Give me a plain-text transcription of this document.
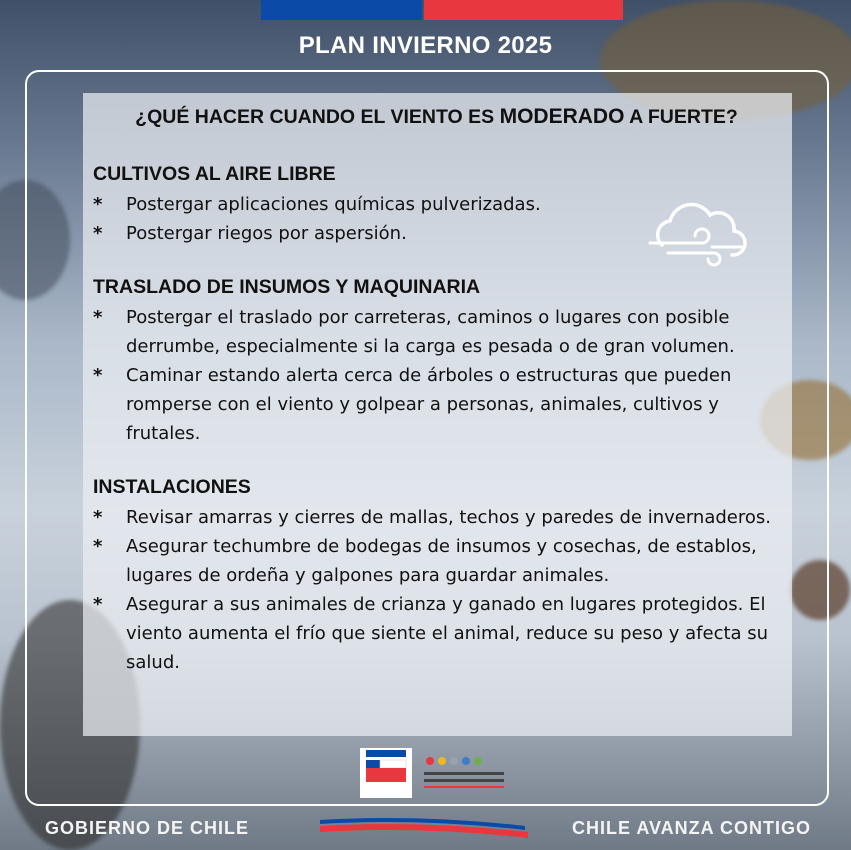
PLAN INVIERNO 2025
¿QUÉ HACER CUANDO EL VIENTO ES MODERADO A FUERTE?
CULTIVOS AL AIRE LIBRE
* Postergar aplicaciones químicas pulverizadas.
* Postergar riegos por aspersión.
TRASLADO DE INSUMOS Y MAQUINARIA
* Postergar el traslado por carreteras, caminos o lugares con posible derrumbe, especialmente si la carga es pesada o de gran volumen.
* Caminar estando alerta cerca de árboles o estructuras que pueden romperse con el viento y golpear a personas, animales, cultivos y frutales.
INSTALACIONES
* Revisar amarras y cierres de mallas, techos y paredes de invernaderos.
* Asegurar techumbre de bodegas de insumos y cosechas, de establos, lugares de ordeña y galpones para guardar animales.
* Asegurar a sus animales de crianza y ganado en lugares protegidos. El viento aumenta el frío que siente el animal, reduce su peso y afecta su salud.
GOBIERNO DE CHILE	CHILE AVANZA CONTIGO
